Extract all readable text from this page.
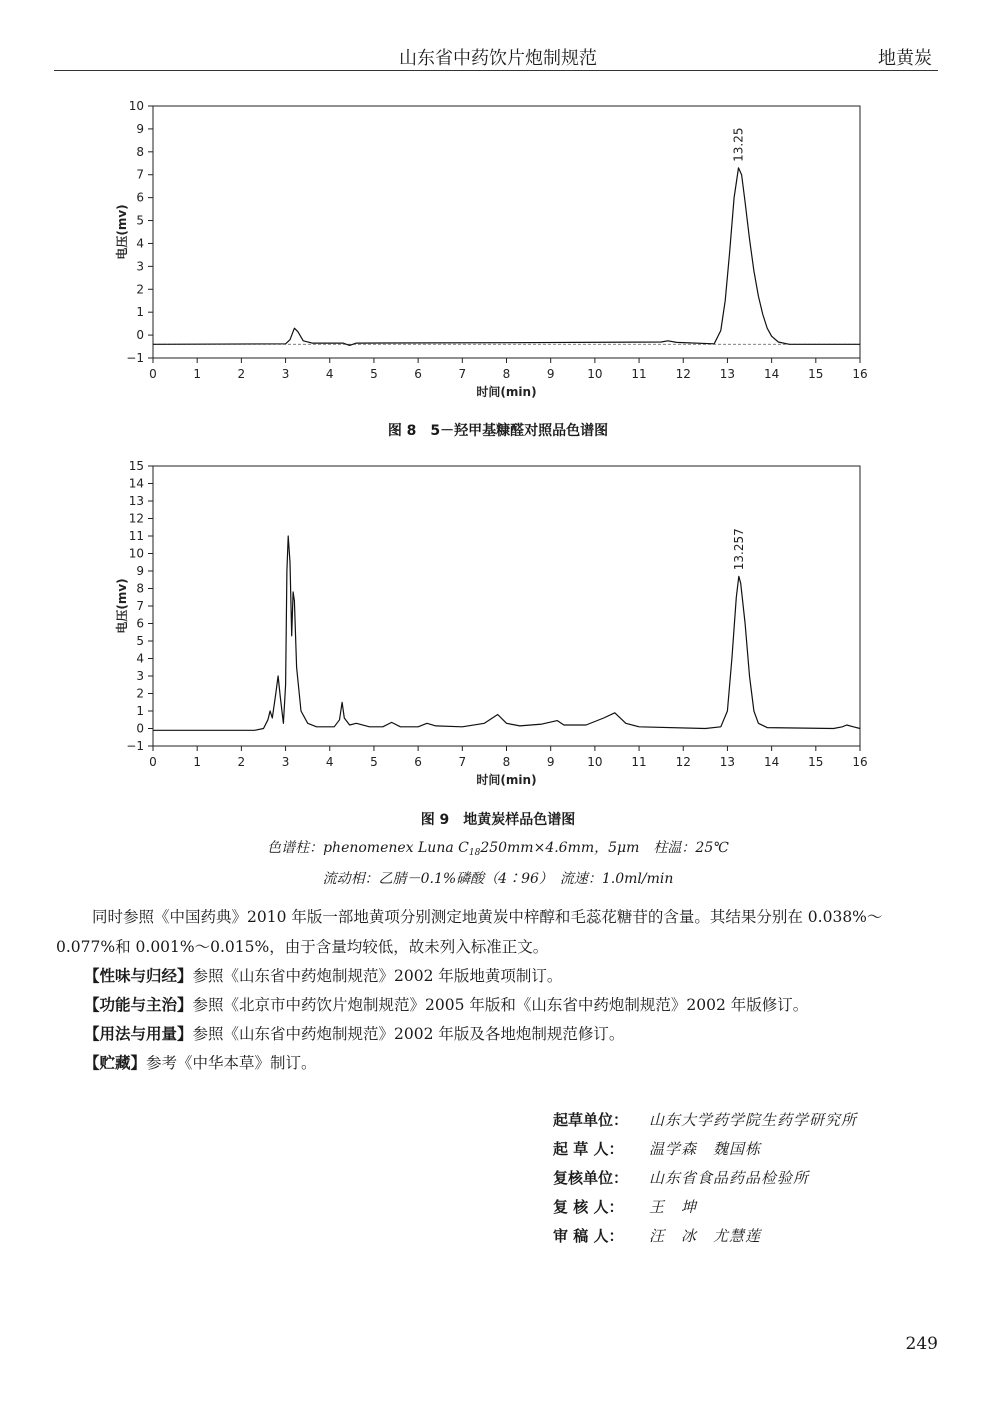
山东省中药饮片炮制规范	地黄炭
0	1	2	3	4	5	6	7	8	9	10 11 12 13 14 15 16
−1
0
1
2
3
4
5
6
7
8
9
10
时间(min)
电压(mv)
13.25
图 8　5－羟甲基糠醛对照品色谱图
0	1	2	3	4	5	6	7	8	9	10 11 12 13 14 15 16
−1
0
1
2
3
4
5
6
7
8
9
10
11
12
13
14
15
时间(min)
电压(mv)
13.257
图 9　地黄炭样品色谱图
色谱柱：phenomenex Luna $C_{18}250mm\times 4.6mm$，5μm　柱温：25℃
流动相：乙腈－0.1%磷酸（4∶96）　流速：1.0ml/min
同时参照《中国药典》2010 年版一部地黄项分别测定地黄炭中梓醇和毛蕊花糖苷的含量。其结果分别在 0.038%～0.077%和 0.001%～0.015%，由于含量均较低，故未列入标准正文。
【性味与归经】参照《山东省中药炮制规范》2002 年版地黄项制订。
【功能与主治】参照《北京市中药饮片炮制规范》2005 年版和《山东省中药炮制规范》2002 年版修订。
【用法与用量】参照《山东省中药炮制规范》2002 年版及各地炮制规范修订。
【贮藏】参考《中华本草》制订。
起草单位： 山东大学药学院生药学研究所
起 草 人： 温学森　魏国栋
复核单位： 山东省食品药品检验所
复 核 人： 王　坤
审 稿 人： 汪　冰　尤慧莲
249
